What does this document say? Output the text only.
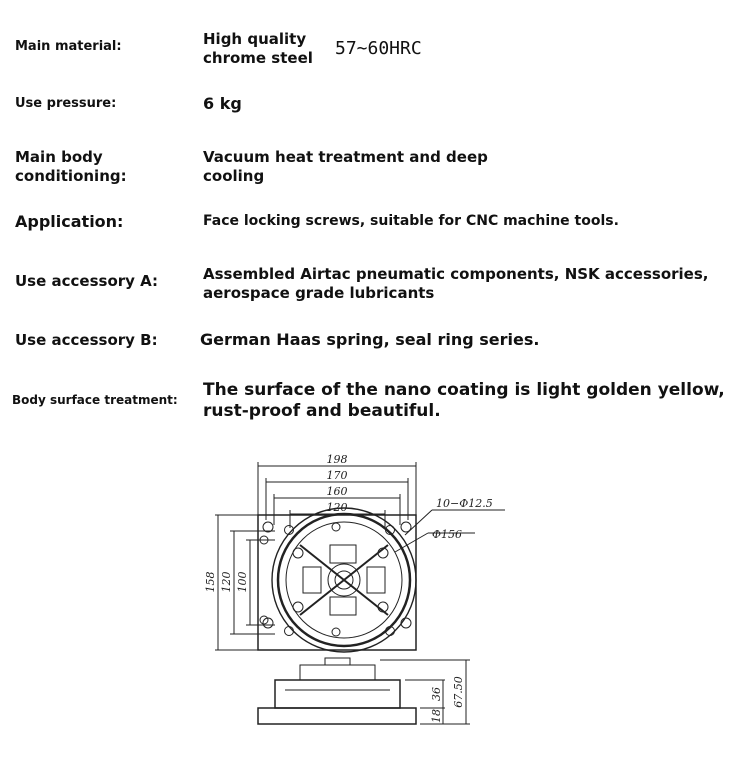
Main material:	High quality
chrome steel 57~60HRC
Use pressure:	6 kg
Main body
conditioning:
Vacuum heat treatment and deep
cooling
Application:	Face locking screws, suitable for CNC machine tools.
Use accessory A:	Assembled Airtac pneumatic components, NSK accessories,
aerospace grade lubricants
Use accessory B:	German Haas spring, seal ring series.
Body surface treatment: The surface of the nano coating is light golden yellow,
rust-proof and beautiful.
198
170
160
120	10−Φ12.5
Φ156
158 120 100
18
36 67.50
